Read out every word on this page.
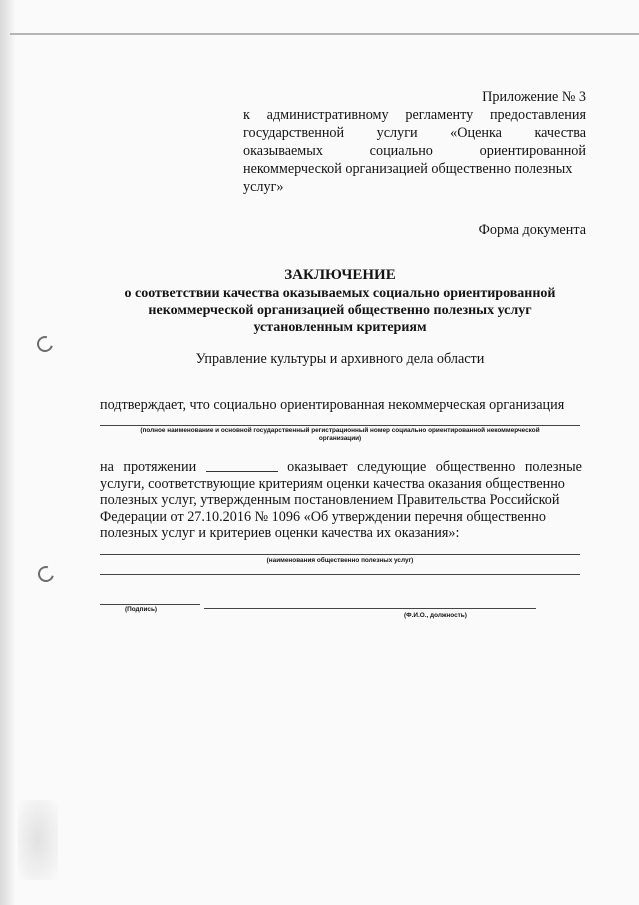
Приложение № 3
к административному регламенту предоставления
государственной услуги «Оценка качества
оказываемых	социально	ориентированной
некоммерческой организацией общественно полезных
услуг»
Форма документа
ЗАКЛЮЧЕНИЕ
о соответствии качества оказываемых социально ориентированной
некоммерческой организацией общественно полезных услуг
установленным критериям
Управление культуры и архивного дела области
подтверждает, что социально ориентированная некоммерческая организация
(полное наименование и основной государственный регистрационный номер социально ориентированной некоммерческой
организации)
на протяжении	оказывает следующие общественно полезные
услуги, соответствующие критериям оценки качества оказания общественно
полезных услуг, утвержденным постановлением Правительства Российской
Федерации от 27.10.2016 № 1096 «Об утверждении перечня общественно
полезных услуг и критериев оценки качества их оказания»:
(наименования общественно полезных услуг)
(Подпись)
(Ф.И.О., должность)
